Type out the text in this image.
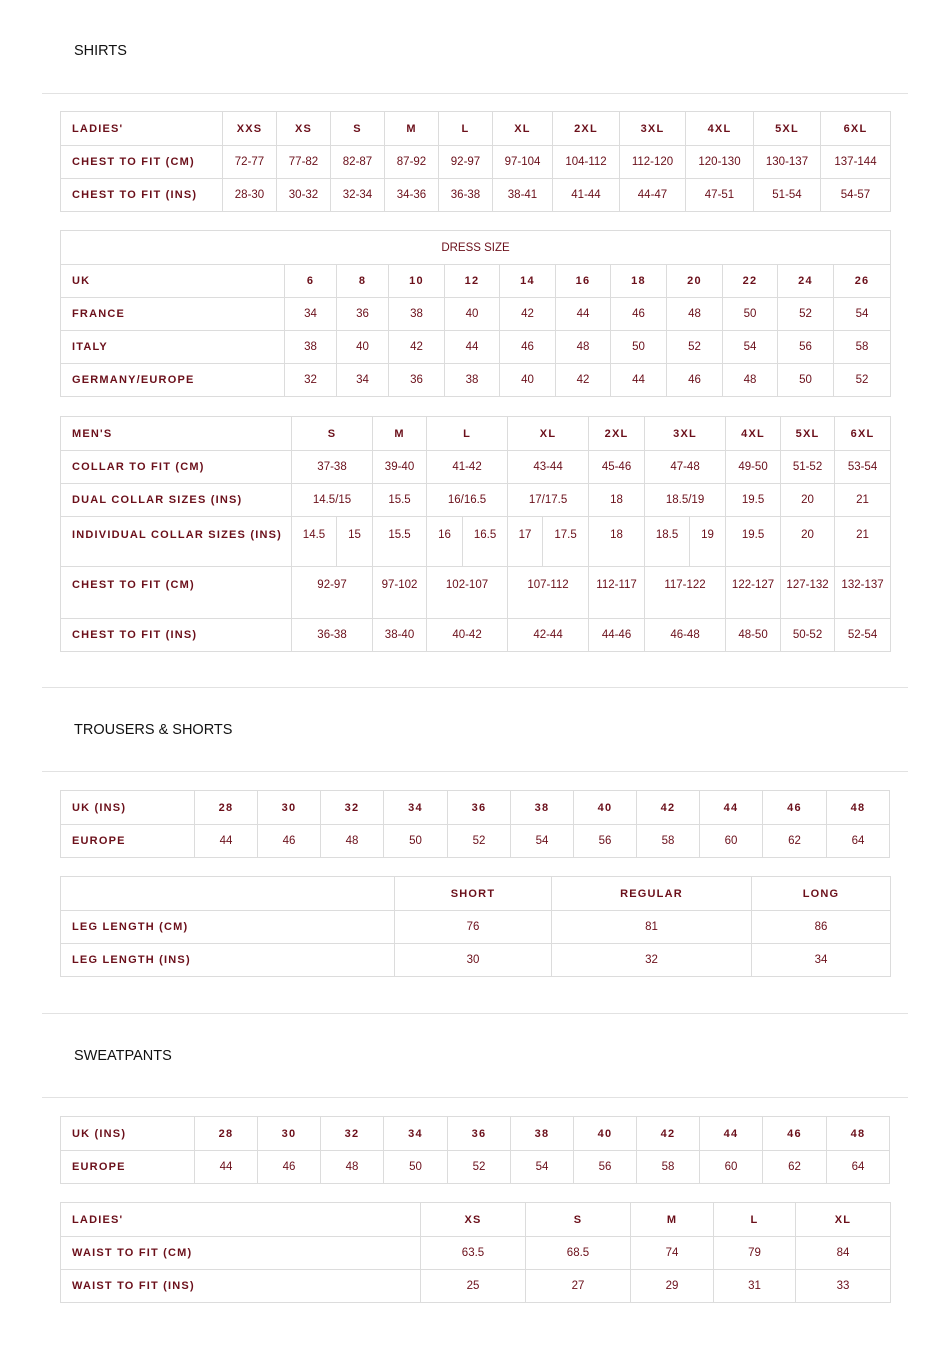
SHIRTS
LADIES'	XXS	XS	S	M	L	XL	2XL	3XL	4XL	5XL	6XL
CHEST TO FIT (CM)	72-77	77-82	82-87	87-92	92-97	97-104	104-112	112-120	120-130	130-137	137-144
CHEST TO FIT (INS)	28-30	30-32	32-34	34-36	36-38	38-41	41-44	44-47	47-51	51-54	54-57
DRESS SIZE											
UK	6	8	10	12	14	16	18	20	22	24	26
FRANCE	34	36	38	40	42	44	46	48	50	52	54
ITALY	38	40	42	44	46	48	50	52	54	56	58
GERMANY/EUROPE	32	34	36	38	40	42	44	46	48	50	52
MEN'S	S		M	L		XL		2XL	3XL		4XL	5XL	6XL
COLLAR TO FIT (CM)	37-38		39-40	41-42		43-44		45-46	47-48		49-50	51-52	53-54
DUAL COLLAR SIZES (INS)	14.5/15		15.5	16/16.5		17/17.5		18	18.5/19		19.5	20	21
INDIVIDUAL COLLAR SIZES (INS)	14.5	15	15.5	16	16.5	17	17.5	18	18.5	19	19.5	20	21
CHEST TO FIT (CM)	92-97		97-102	102-107		107-112		112-117	117-122		122-127	127-132	132-137
CHEST TO FIT (INS)	36-38		38-40	40-42		42-44		44-46	46-48		48-50	50-52	52-54
TROUSERS & SHORTS
UK (INS)	28	30	32	34	36	38	40	42	44	46	48
EUROPE	44	46	48	50	52	54	56	58	60	62	64
	SHORT	REGULAR	LONG
LEG LENGTH (CM)	76	81	86
LEG LENGTH (INS)	30	32	34
SWEATPANTS
UK (INS)	28	30	32	34	36	38	40	42	44	46	48
EUROPE	44	46	48	50	52	54	56	58	60	62	64
LADIES'	XS	S	M	L	XL
WAIST TO FIT (CM)	63.5	68.5	74	79	84
WAIST TO FIT (INS)	25	27	29	31	33
